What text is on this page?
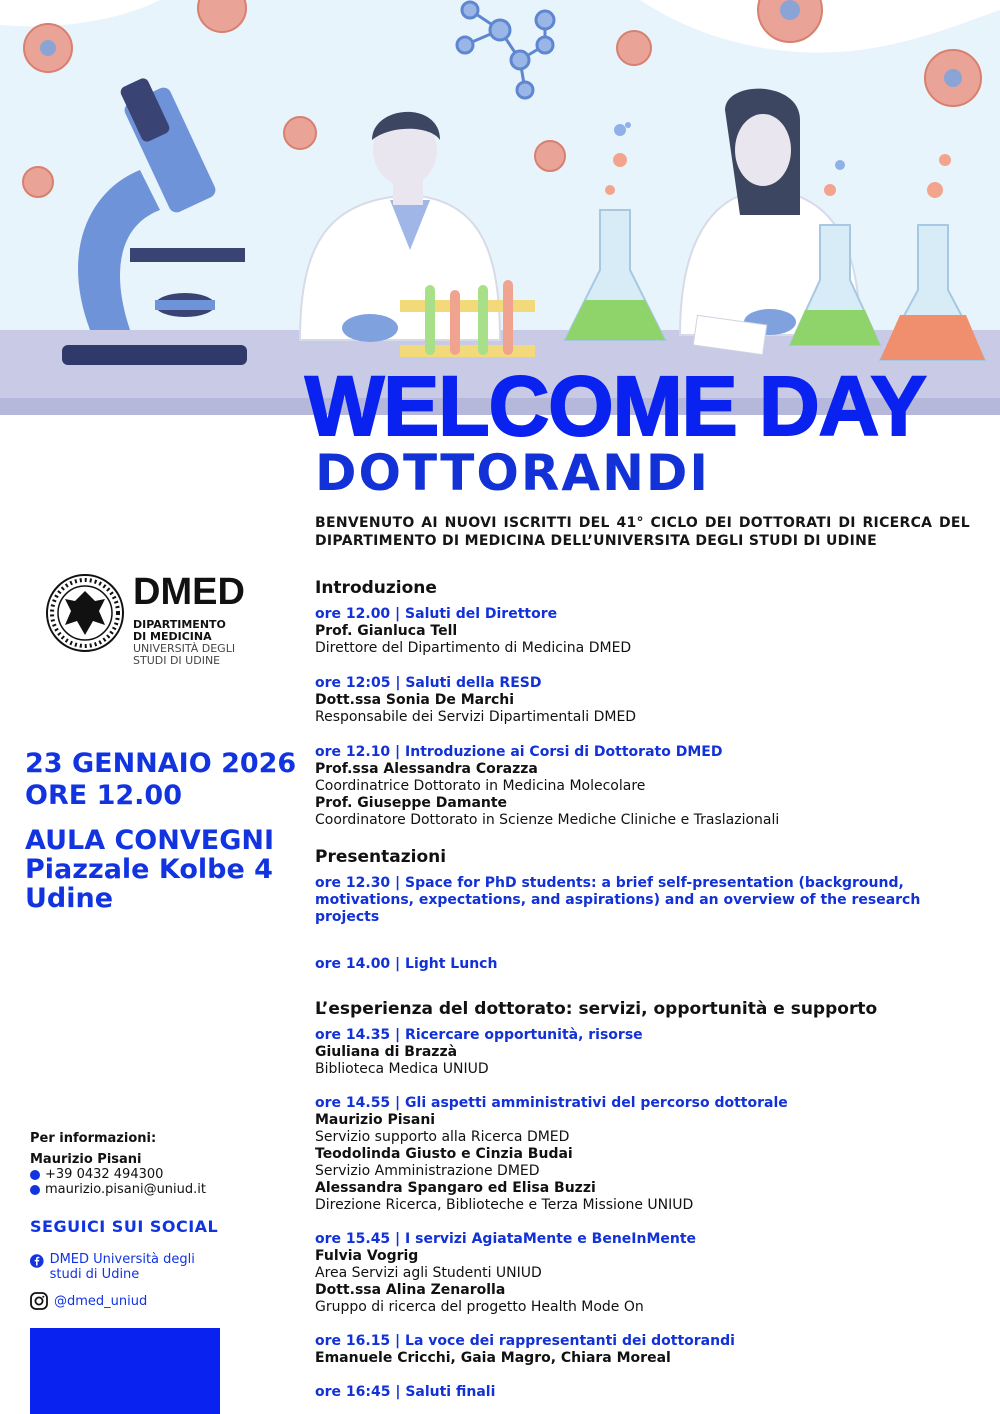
WELCOME DAY
DOTTORANDI

BENVENUTO AI NUOVI ISCRITTI DEL 41° CICLO DEI DOTTORATI DI RICERCA DEL DIPARTIMENTO DI MEDICINA DELL’UNIVERSITA DEGLI STUDI DI UDINE

DMED
DIPARTIMENTO
DI MEDICINA
UNIVERSITÀ DEGLI
STUDI DI UDINE
23 GENNAIO 2026
ORE 12.00
AULA CONVEGNI
Piazzale Kolbe 4
Udine
Introduzione
ore 12.00 | Saluti del Direttore
Prof. Gianluca Tell
Direttore del Dipartimento di Medicina DMED
ore 12:05 | Saluti della RESD
Dott.ssa Sonia De Marchi
Responsabile dei Servizi Dipartimentali DMED
ore 12.10 | Introduzione ai Corsi di Dottorato DMED
Prof.ssa Alessandra Corazza
Coordinatrice Dottorato in Medicina Molecolare
Prof. Giuseppe Damante
Coordinatore Dottorato in Scienze Mediche Cliniche e Traslazionali
Presentazioni
ore 12.30 | Space for PhD students: a brief self-presentation (background, motivations, expectations, and aspirations) and an overview of the research projects
ore 14.00 | Light Lunch
L’esperienza del dottorato: servizi, opportunità e supporto
ore 14.35 | Ricercare opportunità, risorse
Giuliana di Brazzà
Biblioteca Medica UNIUD
ore 14.55 | Gli aspetti amministrativi del percorso dottorale
Maurizio Pisani
Servizio supporto alla Ricerca DMED
Teodolinda Giusto e Cinzia Budai
Servizio Amministrazione DMED
Alessandra Spangaro ed Elisa Buzzi
Direzione Ricerca, Biblioteche e Terza Missione UNIUD
ore 15.45 | I servizi AgiataMente e BeneInMente
Fulvia Vogrig
Area Servizi agli Studenti UNIUD
Dott.ssa Alina Zenarolla
Gruppo di ricerca del progetto Health Mode On
ore 16.15 | La voce dei rappresentanti dei dottorandi
Emanuele Cricchi, Gaia Magro, Chiara Moreal
ore 16:45 | Saluti finali
Per informazioni:
Maurizio Pisani
+39 0432 494300
maurizio.pisani@uniud.it
SEGUICI SUI SOCIAL
DMED Università degli studi di Udine
@dmed_uniud
